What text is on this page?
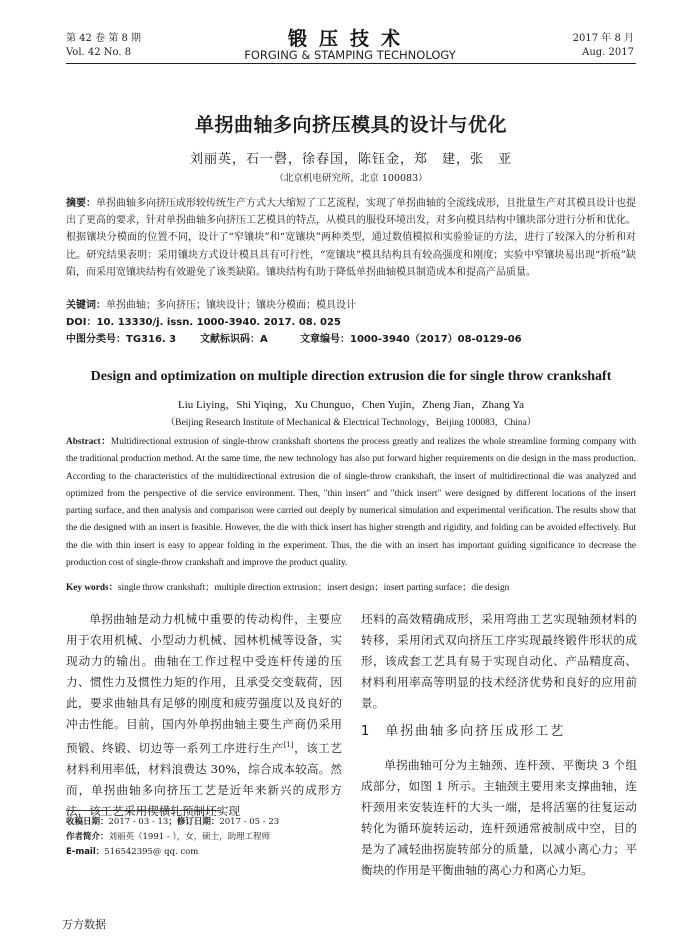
第 42 卷 第 8 期
Vol. 42 No. 8
锻压技术
FORGING & STAMPING TECHNOLOGY
2017 年 8 月
Aug. 2017
单拐曲轴多向挤压模具的设计与优化
刘丽英，石一磬，徐春国，陈钰金，郑　建，张　亚
（北京机电研究所，北京 100083）
摘要：单拐曲轴多向挤压成形较传统生产方式大大缩短了工艺流程，实现了单拐曲轴的全流线成形，且批量生产对其模具设计也提出了更高的要求，针对单拐曲轴多向挤压工艺模具的特点，从模具的服役环境出发，对多向模具结构中镶块部分进行分析和优化。根据镶块分模面的位置不同，设计了“窄镶块”和“宽镶块”两种类型，通过数值模拟和实验验证的方法，进行了较深入的分析和对比。研究结果表明：采用镶块方式设计模具具有可行性，“宽镶块”模具结构具有较高强度和刚度；实验中窄镶块易出现“折痕”缺陷，而采用宽镶块结构有效避免了该类缺陷。镶块结构有助于降低单拐曲轴模具制造成本和提高产品质量。
关键词：单拐曲轴；多向挤压；镶块设计；镶块分模面；模具设计
DOI：10. 13330/j. issn. 1000-3940. 2017. 08. 025
中图分类号：TG316. 3 文献标识码：A	文章编号：1000-3940（2017）08-0129-06
Design and optimization on multiple direction extrusion die for single throw crankshaft
Liu Liying，Shi Yiqing，Xu Chunguo，Chen Yujin，Zheng Jian，Zhang Ya
（Beijing Research Institute of Mechanical & Electrical Technology，Beijing 100083，China）
Abstract：Multidirectional extrusion of single-throw crankshaft shortens the process greatly and realizes the whole streamline forming company with the traditional production method. At the same time, the new technology has also put forward higher requirements on die design in the mass production. According to the characteristics of the multidirectional extrusion die of single-throw crankshaft, the insert of multidirectional die was analyzed and optimized from the perspective of die service environment. Then, "thin insert" and "thick insert" were designed by different locations of the insert parting surface, and then analysis and comparison were carried out deeply by numerical simulation and experimental verification. The results show that the die designed with an insert is feasible. However, the die with thick insert has higher strength and rigidity, and folding can be avoided effectively. But the die with thin insert is easy to appear folding in the experiment. Thus, the die with an insert has important guiding significance to decrease the production cost of single-throw crankshaft and improve the product quality.
Key words：single throw crankshaft；multiple direction extrusion；insert design；insert parting surface；die design
单拐曲轴是动力机械中重要的传动构件，主要应用于农用机械、小型动力机械、园林机械等设备，实现动力的输出。曲轴在工作过程中受连杆传递的压力、惯性力及惯性力矩的作用，且承受交变载荷，因此，要求曲轴具有足够的刚度和疲劳强度以及良好的冲击性能。目前，国内外单拐曲轴主要生产商仍采用预锻、终锻、切边等一系列工序进行生产[1]，该工艺材料利用率低，材料浪费达 30%，综合成本较高。然而，单拐曲轴多向挤压工艺是近年来新兴的成形方法，该工艺采用楔横轧预制坯实现
收稿日期：2017 - 03 - 13；修订日期：2017 - 05 - 23
作者简介：刘丽英（1991 - ），女，硕士，助理工程师
E-mail：516542395@ qq. com
坯料的高效精确成形，采用弯曲工艺实现轴颈材料的转移，采用闭式双向挤压工序实现最终锻件形状的成形，该成套工艺具有易于实现自动化、产品精度高、材料利用率高等明显的技术经济优势和良好的应用前景。
1 单拐曲轴多向挤压成形工艺
单拐曲轴可分为主轴颈、连杆颈、平衡块 3 个组成部分，如图 1 所示。主轴颈主要用来支撑曲轴，连杆颈用来安装连杆的大头一端，是将活塞的往复运动转化为循环旋转运动，连杆颈通常被制成中空，目的是为了减轻曲拐旋转部分的质量，以减小离心力；平衡块的作用是平衡曲轴的离心力和离心力矩。
万方数据
